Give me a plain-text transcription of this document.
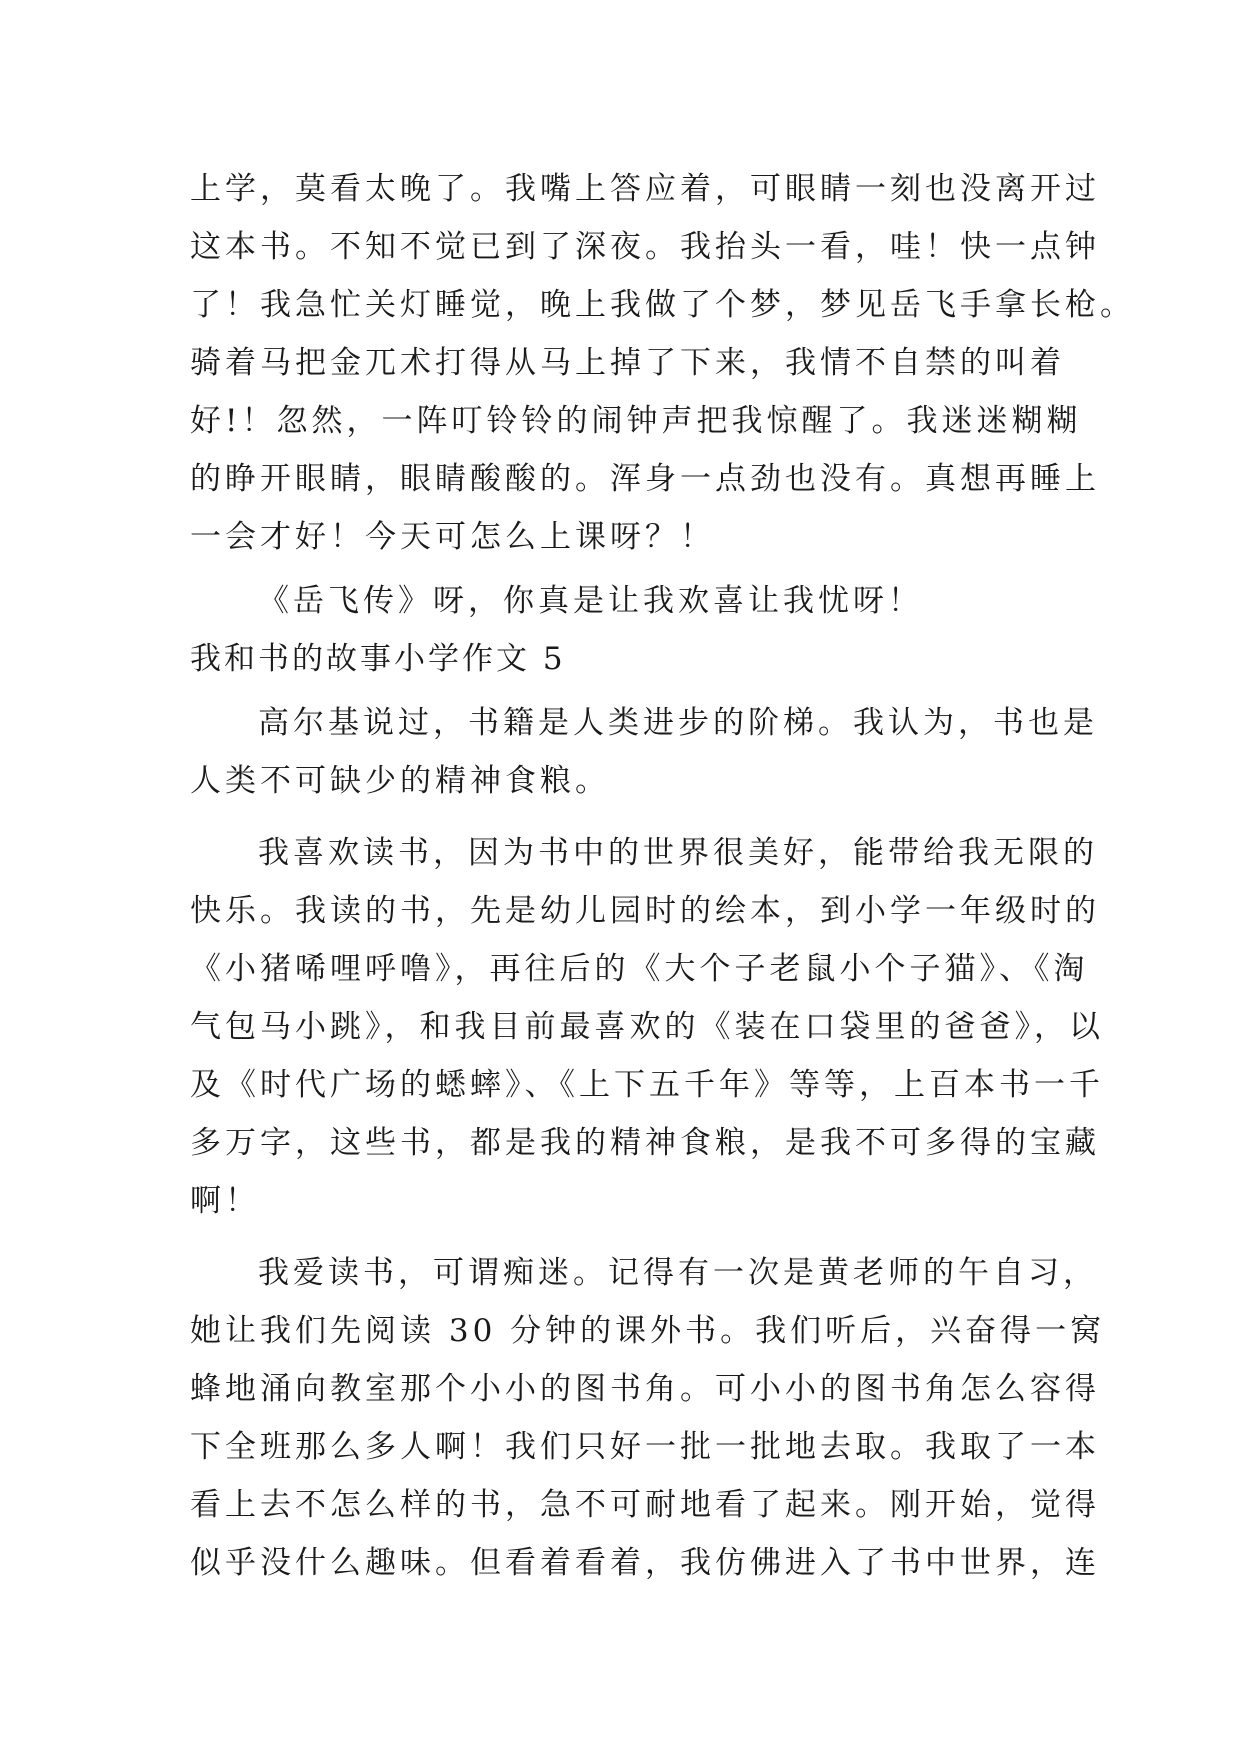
上学，莫看太晚了。我嘴上答应着，可眼睛一刻也没离开过
这本书。不知不觉已到了深夜。我抬头一看，哇！快一点钟
了！我急忙关灯睡觉，晚上我做了个梦，梦见岳飞手拿长枪。
骑着马把金兀术打得从马上掉了下来，我情不自禁的叫着
好!！忽然，一阵叮铃铃的闹钟声把我惊醒了。我迷迷糊糊
的睁开眼睛，眼睛酸酸的。浑身一点劲也没有。真想再睡上
一会才好！今天可怎么上课呀？！
《岳飞传》呀，你真是让我欢喜让我忧呀！
我和书的故事小学作文 5
高尔基说过，书籍是人类进步的阶梯。我认为，书也是
人类不可缺少的精神食粮。
我喜欢读书，因为书中的世界很美好，能带给我无限的
快乐。我读的书，先是幼儿园时的绘本，到小学一年级时的
《小猪唏哩呼噜》，再往后的《大个子老鼠小个子猫》、《淘
气包马小跳》，和我目前最喜欢的《装在口袋里的爸爸》，以
及《时代广场的蟋蟀》、《上下五千年》等等，上百本书一千
多万字，这些书，都是我的精神食粮，是我不可多得的宝藏
啊！
我爱读书，可谓痴迷。记得有一次是黄老师的午自习，
她让我们先阅读 30 分钟的课外书。我们听后，兴奋得一窝
蜂地涌向教室那个小小的图书角。可小小的图书角怎么容得
下全班那么多人啊！我们只好一批一批地去取。我取了一本
看上去不怎么样的书，急不可耐地看了起来。刚开始，觉得
似乎没什么趣味。但看着看着，我仿佛进入了书中世界，连
